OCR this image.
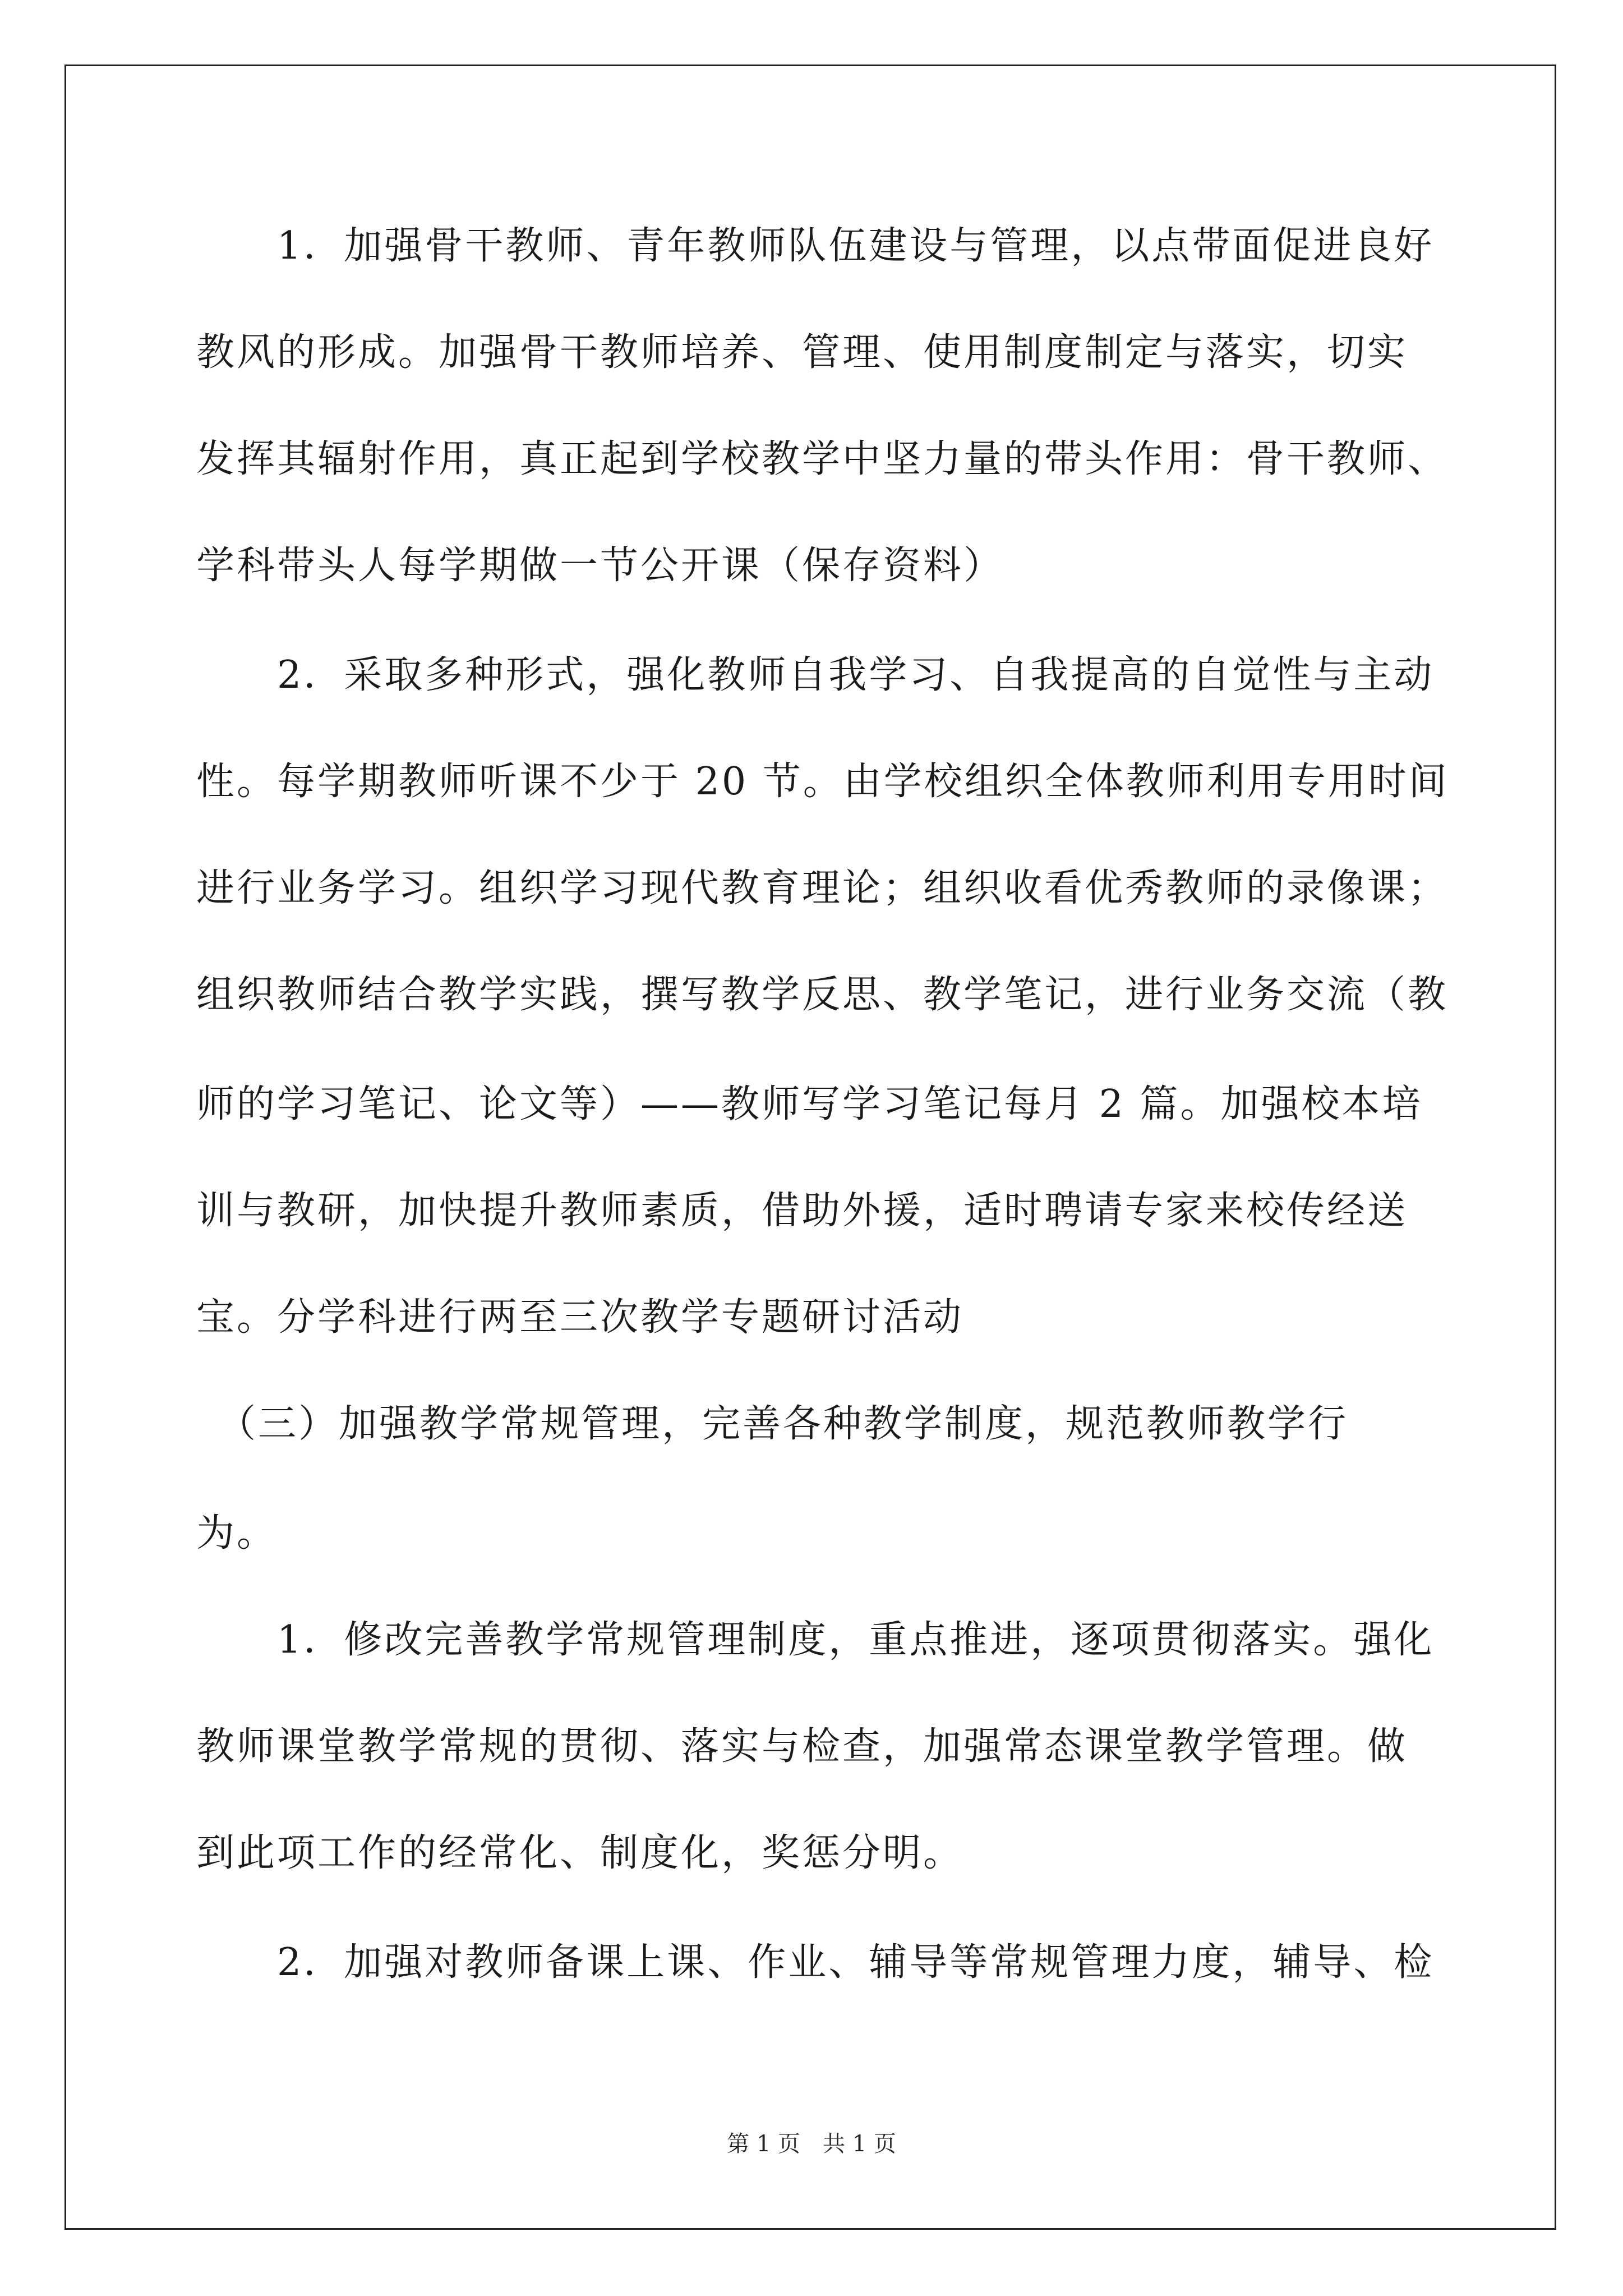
　　1．加强骨干教师、青年教师队伍建设与管理，以点带面促进良好
教风的形成。加强骨干教师培养、管理、使用制度制定与落实，切实
发挥其辐射作用，真正起到学校教学中坚力量的带头作用：骨干教师、
学科带头人每学期做一节公开课（保存资料）
　　2．采取多种形式，强化教师自我学习、自我提高的自觉性与主动
性。每学期教师听课不少于 20 节。由学校组织全体教师利用专用时间
进行业务学习。组织学习现代教育理论；组织收看优秀教师的录像课；
组织教师结合教学实践，撰写教学反思、教学笔记，进行业务交流（教
师的学习笔记、论文等）——教师写学习笔记每月 2 篇。加强校本培
训与教研，加快提升教师素质，借助外援，适时聘请专家来校传经送
宝。分学科进行两至三次教学专题研讨活动
　（三）加强教学常规管理，完善各种教学制度，规范教师教学行
为。
　　1．修改完善教学常规管理制度，重点推进，逐项贯彻落实。强化
教师课堂教学常规的贯彻、落实与检查，加强常态课堂教学管理。做
到此项工作的经常化、制度化，奖惩分明。
　　2．加强对教师备课上课、作业、辅导等常规管理力度，辅导、检
第 1 页　共 1 页
